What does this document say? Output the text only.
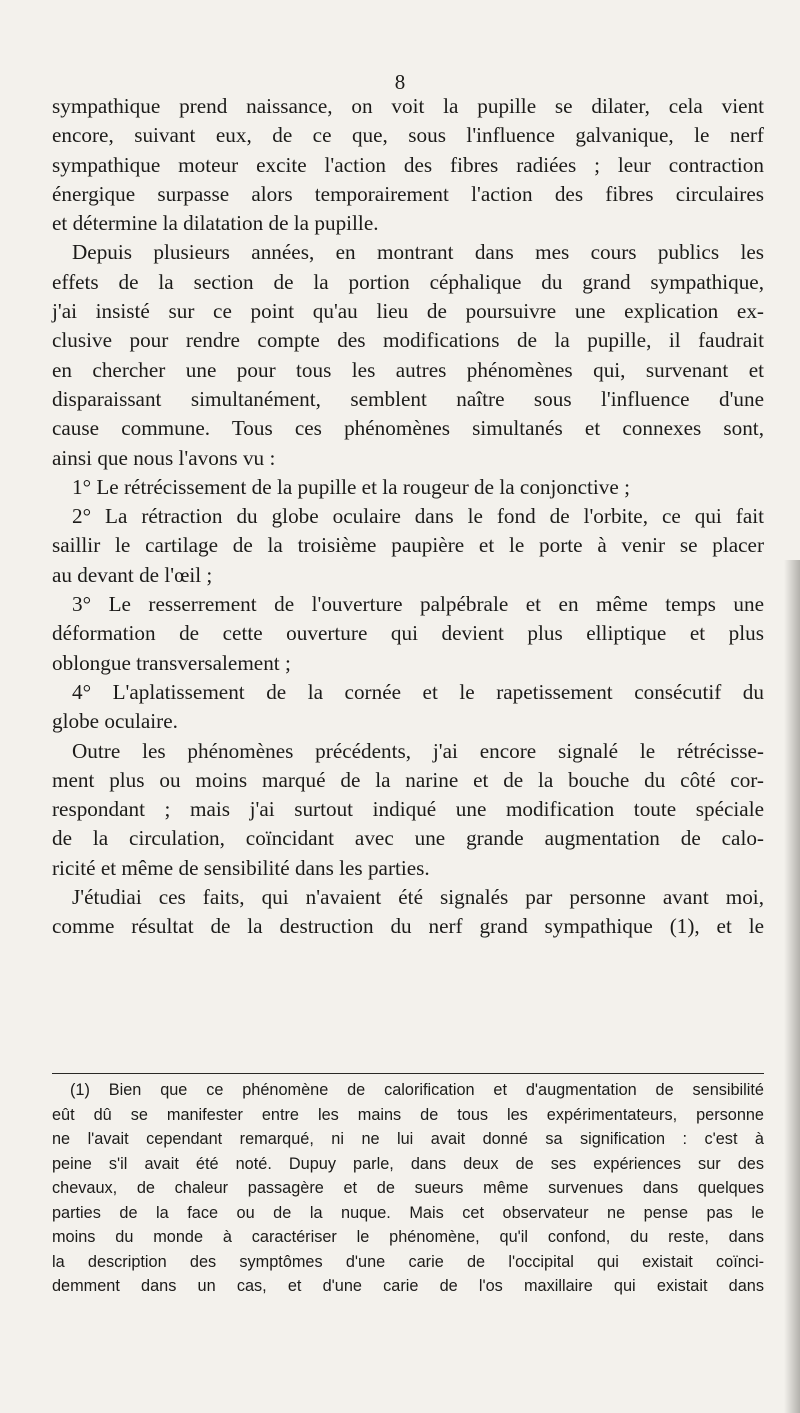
8
sympathique prend naissance, on voit la pupille se dilater, cela vient
encore, suivant eux, de ce que, sous l'influence galvanique, le nerf
sympathique moteur excite l'action des fibres radiées ; leur contraction
énergique surpasse alors temporairement l'action des fibres circulaires
et détermine la dilatation de la pupille.
Depuis plusieurs années, en montrant dans mes cours publics les
effets de la section de la portion céphalique du grand sympathique,
j'ai insisté sur ce point qu'au lieu de poursuivre une explication ex-
clusive pour rendre compte des modifications de la pupille, il faudrait
en chercher une pour tous les autres phénomènes qui, survenant et
disparaissant simultanément, semblent naître sous l'influence d'une
cause commune. Tous ces phénomènes simultanés et connexes sont,
ainsi que nous l'avons vu :
1° Le rétrécissement de la pupille et la rougeur de la conjonctive ;
2° La rétraction du globe oculaire dans le fond de l'orbite, ce qui fait
saillir le cartilage de la troisième paupière et le porte à venir se placer
au devant de l'œil ;
3° Le resserrement de l'ouverture palpébrale et en même temps une
déformation de cette ouverture qui devient plus elliptique et plus
oblongue transversalement ;
4° L'aplatissement de la cornée et le rapetissement consécutif du
globe oculaire.
Outre les phénomènes précédents, j'ai encore signalé le rétrécisse-
ment plus ou moins marqué de la narine et de la bouche du côté cor-
respondant ; mais j'ai surtout indiqué une modification toute spéciale
de la circulation, coïncidant avec une grande augmentation de calo-
ricité et même de sensibilité dans les parties.
J'étudiai ces faits, qui n'avaient été signalés par personne avant moi,
comme résultat de la destruction du nerf grand sympathique (1), et le
(1) Bien que ce phénomène de calorification et d'augmentation de sensibilité
eût dû se manifester entre les mains de tous les expérimentateurs, personne
ne l'avait cependant remarqué, ni ne lui avait donné sa signification : c'est à
peine s'il avait été noté. Dupuy parle, dans deux de ses expériences sur des
chevaux, de chaleur passagère et de sueurs même survenues dans quelques
parties de la face ou de la nuque. Mais cet observateur ne pense pas le
moins du monde à caractériser le phénomène, qu'il confond, du reste, dans
la description des symptômes d'une carie de l'occipital qui existait coïnci-
demment dans un cas, et d'une carie de l'os maxillaire qui existait dans
